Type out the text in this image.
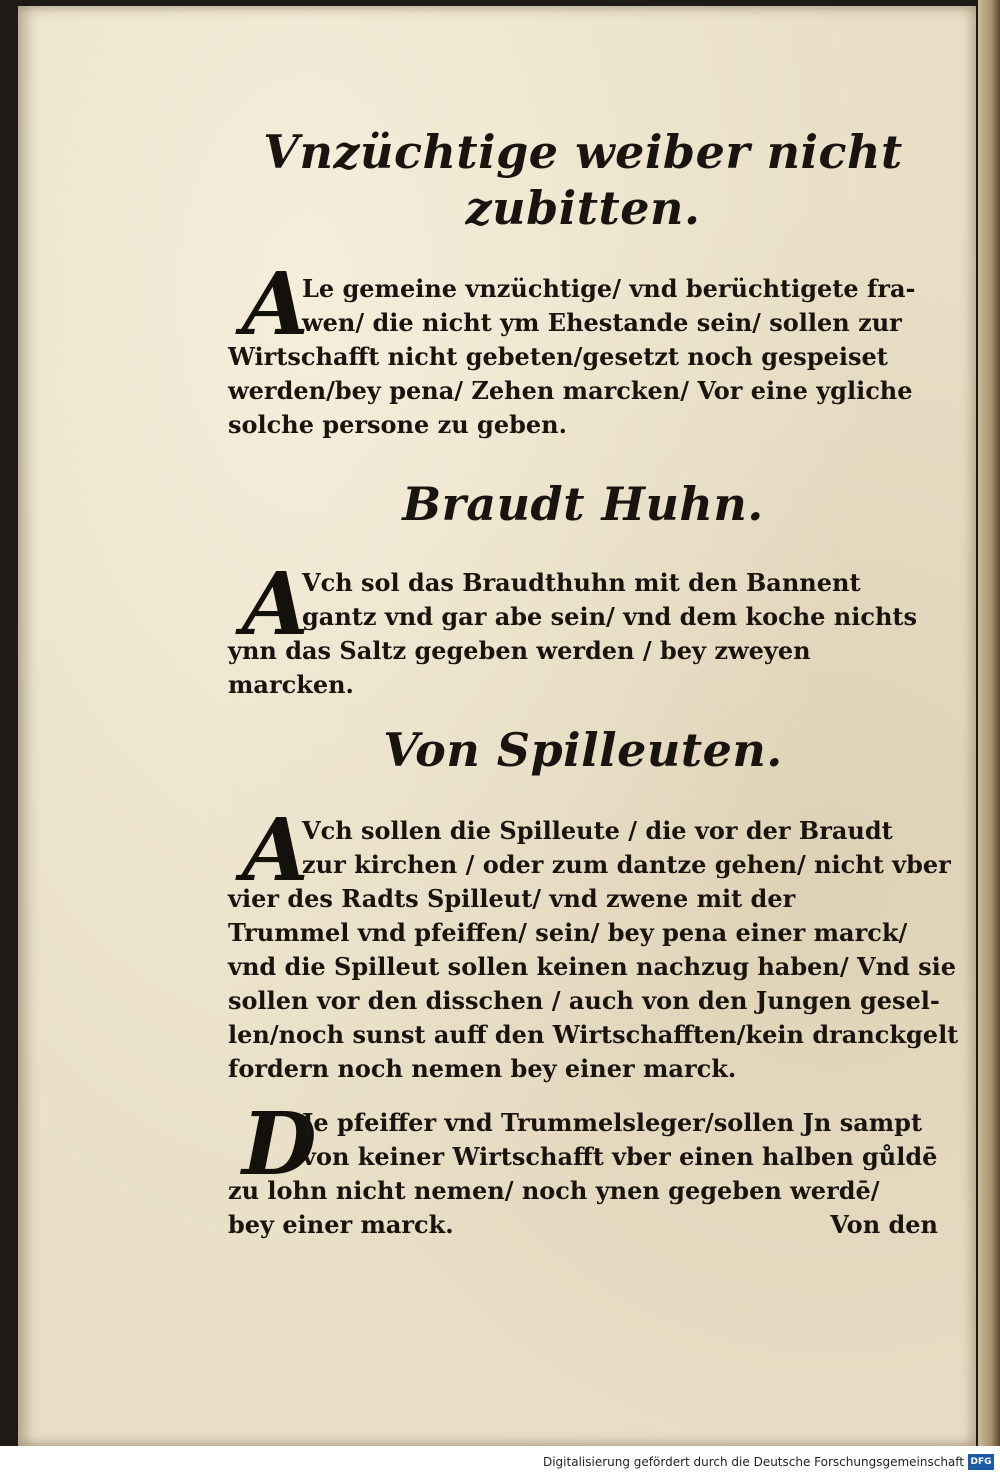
Vnzüchtige weiber nicht
zubitten.
A
Le gemeine vnzüchtige/ vnd berüchtigete fra-
wen/ die nicht ym Ehestande sein/ sollen zur
Wirtschafft nicht gebeten/gesetzt noch gespeiset
werden/bey pena/ Zehen marcken/ Vor eine ygliche
solche persone zu geben.
Braudt Huhn.
A
Vch sol das Braudthuhn mit den Bannent
gantz vnd gar abe sein/ vnd dem koche nichts
ynn das Saltz gegeben werden / bey zweyen
marcken.
Von Spilleuten.
A
Vch sollen die Spilleute / die vor der Braudt
zur kirchen / oder zum dantze gehen/ nicht vber
vier des Radts Spilleut/ vnd zwene mit der
Trummel vnd pfeiffen/ sein/ bey pena einer marck/
vnd die Spilleut sollen keinen nachzug haben/ Vnd sie
sollen vor den disschen / auch von den Jungen gesel-
len/noch sunst auff den Wirtschafften/kein dranckgelt
fordern noch nemen bey einer marck.
D
Je pfeiffer vnd Trummelsleger/sollen Jn sampt
von keiner Wirtschafft vber einen halben gůldē
zu lohn nicht nemen/ noch ynen gegeben werdē/
bey einer marck.	Von den
Digitalisierung gefördert durch die Deutsche Forschungsgemeinschaft DFG
